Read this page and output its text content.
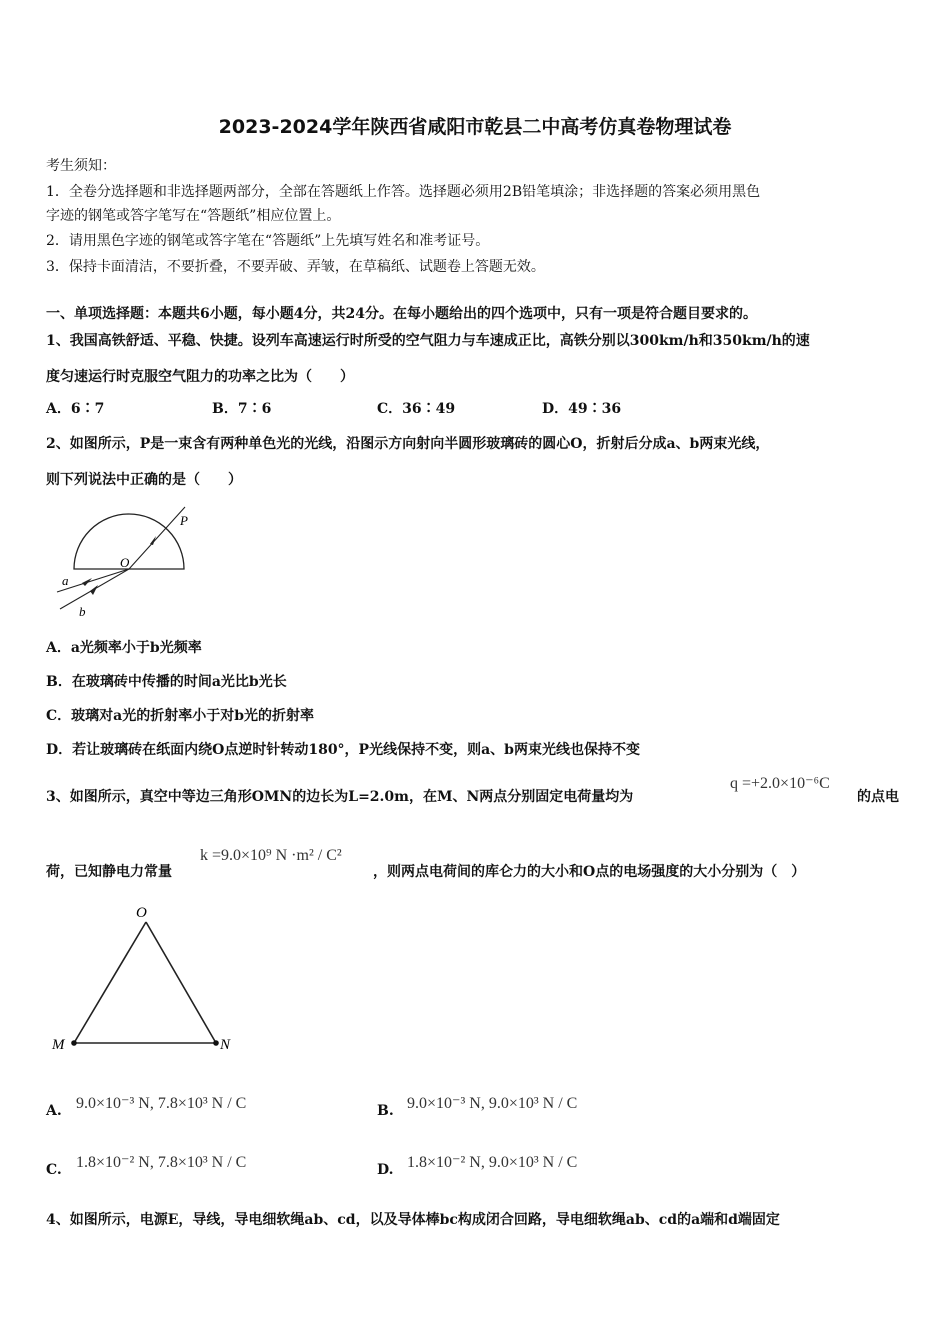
2023-2024学年陕西省咸阳市乾县二中高考仿真卷物理试卷
考生须知：
1．全卷分选择题和非选择题两部分，全部在答题纸上作答。选择题必须用2B铅笔填涂；非选择题的答案必须用黑色
字迹的钢笔或答字笔写在“答题纸”相应位置上。
2．请用黑色字迹的钢笔或答字笔在“答题纸”上先填写姓名和准考证号。
3．保持卡面清洁，不要折叠，不要弄破、弄皱，在草稿纸、试题卷上答题无效。
一、单项选择题：本题共6小题，每小题4分，共24分。在每小题给出的四个选项中，只有一项是符合题目要求的。
1、我国高铁舒适、平稳、快捷。设列车高速运行时所受的空气阻力与车速成正比，高铁分别以300km/h和350km/h的速
度匀速运行时克服空气阻力的功率之比为（　　）
A．6∶7	B．7∶6	C．36∶49	D．49∶36
2、如图所示，P是一束含有两种单色光的光线，沿图示方向射向半圆形玻璃砖的圆心O，折射后分成a、b两束光线，
则下列说法中正确的是（　　）
P
O
a
b
A．a光频率小于b光频率
B．在玻璃砖中传播的时间a光比b光长
C．玻璃对a光的折射率小于对b光的折射率
D．若让玻璃砖在纸面内绕O点逆时针转动180°，P光线保持不变，则a、b两束光线也保持不变
3、如图所示，真空中等边三角形OMN的边长为L=2.0m，在M、N两点分别固定电荷量均为
q =+2.0×10⁻⁶C
的点电
荷，已知静电力常量
k =9.0×10⁹ N ·m² / C²
，则两点电荷间的库仑力的大小和O点的电场强度的大小分别为（　）
O
M	N
A. 9.0×10⁻³ N, 7.8×10³ N / C	B. 9.0×10⁻³ N, 9.0×10³ N / C
C. 1.8×10⁻² N, 7.8×10³ N / C	D. 1.8×10⁻² N, 9.0×10³ N / C
4、如图所示，电源E，导线，导电细软绳ab、cd，以及导体棒bc构成闭合回路，导电细软绳ab、cd的a端和d端固定
